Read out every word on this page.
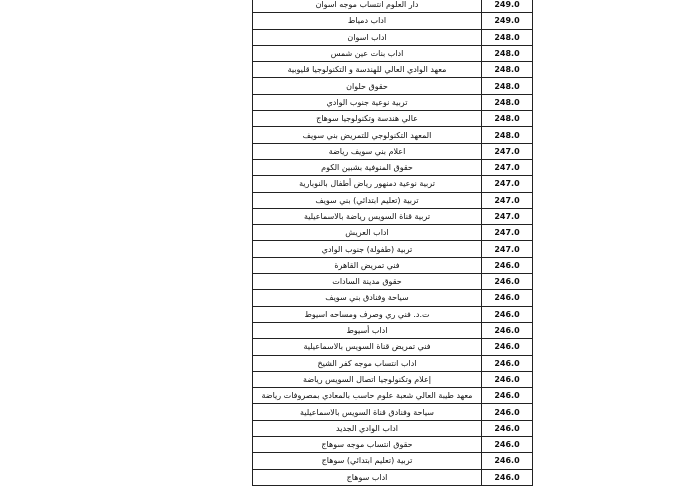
دار العلوم انتساب موجه اسوان	249.0
اداب دمياط	249.0
اداب اسوان	248.0
اداب بنات عين شمس	248.0
معهد الوادي العالي للهندسة و التكنولوجيا قليوبية	248.0
حقوق حلوان	248.0
تربية نوعية جنوب الوادي	248.0
عالي هندسة وتكنولوجيا سوهاج	248.0
المعهد التكنولوجي للتمريض بني سويف	248.0
اعلام بني سويف رياضة	247.0
حقوق المنوفية بشبين الكوم	247.0
تربية نوعية دمنهور رياض أطفال بالنوبارية	247.0
تربية (تعليم ابتدائي) بني سويف	247.0
تربية قناة السويس رياضة بالاسماعيلية	247.0
اداب العريش	247.0
تربية (طفولة) جنوب الوادي	247.0
فني تمريض القاهرة	246.0
حقوق مدينة السادات	246.0
سياحة وفنادق بني سويف	246.0
ت.د. فني ري وصرف ومساحه اسيوط	246.0
اداب أسيوط	246.0
فني تمريض قناة السويس بالاسماعيلية	246.0
اداب انتساب موجه كفر الشيخ	246.0
إعلام وتكنولوجيا اتصال السويس رياضة	246.0
معهد طيبة العالي شعبة علوم حاسب بالمعادي بمصروفات رياضة	246.0
سياحة وفنادق قناة السويس بالاسماعيلية	246.0
اداب الوادي الجديد	246.0
حقوق انتساب موجه سوهاج	246.0
تربية (تعليم ابتدائي) سوهاج	246.0
اداب سوهاج	246.0
